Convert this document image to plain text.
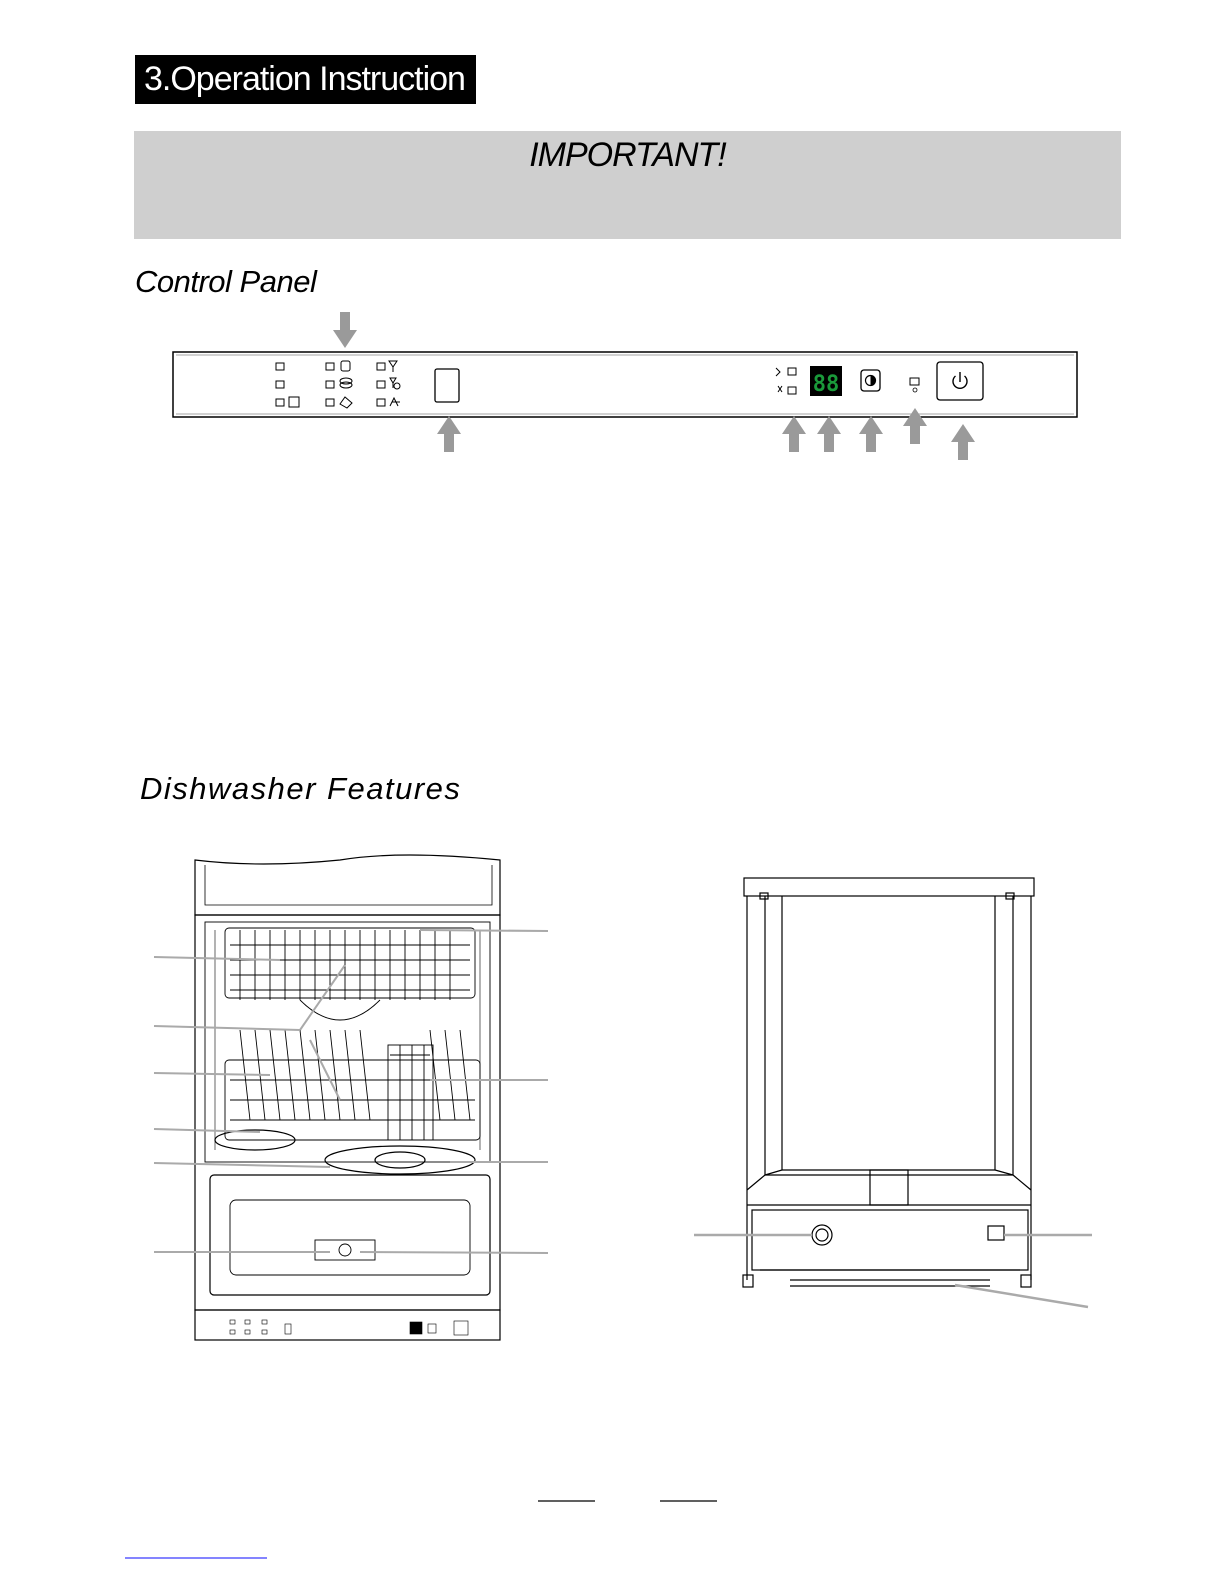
3.Operation Instruction
IMPORTANT!
Control Panel
Dishwasher Features
88
